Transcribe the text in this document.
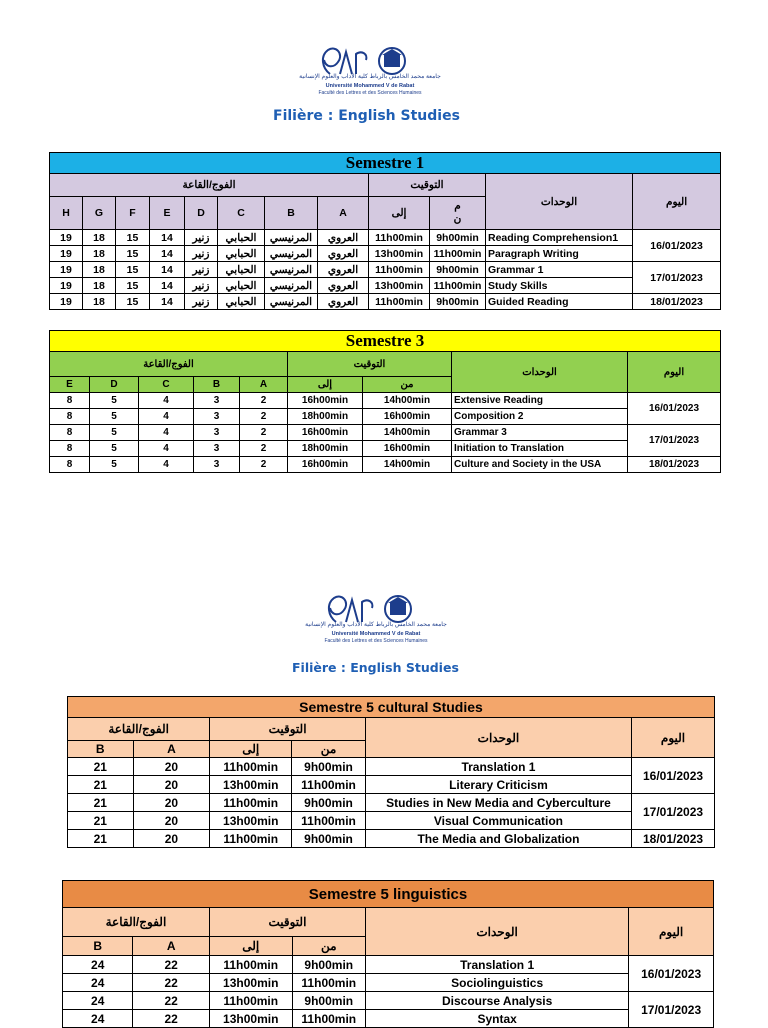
جامعة محمد الخامس بالرباط كلية الآداب والعلوم الإنسانية
Université Mohammed V de Rabat
Faculté des Lettres et des Sciences Humaines
Filière : English Studies
Semestre 1											
الفوج/القاعة								التوقيت		الوحدات	اليوم
H	G	F	E	D	C	B	A	إلى	م ن		
19	18	15	14	زنير	الحبابي	المرنيسي	العروي	11h00min	9h00min	Reading Comprehension1	16/01/2023
19	18	15	14	زنير	الحبابي	المرنيسي	العروي	13h00min	11h00min	Paragraph Writing	
19	18	15	14	زنير	الحبابي	المرنيسي	العروي	11h00min	9h00min	Grammar 1	17/01/2023
19	18	15	14	زنير	الحبابي	المرنيسي	العروي	13h00min	11h00min	Study Skills	
19	18	15	14	زنير	الحبابي	المرنيسي	العروي	11h00min	9h00min	Guided Reading	18/01/2023
Semestre 3								
الفوج/القاعة					التوقيت		الوحدات	اليوم
E	D	C	B	A	إلى	من		
8	5	4	3	2	16h00min	14h00min	Extensive Reading	16/01/2023
8	5	4	3	2	18h00min	16h00min	Composition 2	
8	5	4	3	2	16h00min	14h00min	Grammar 3	17/01/2023
8	5	4	3	2	18h00min	16h00min	Initiation to Translation	
8	5	4	3	2	16h00min	14h00min	Culture and Society in the USA	18/01/2023
جامعة محمد الخامس بالرباط كلية الآداب والعلوم الإنسانية
Université Mohammed V de Rabat
Faculté des Lettres et des Sciences Humaines
Filière : English Studies
Semestre 5 cultural Studies					
الفوج/القاعة		التوقيت		الوحدات	اليوم
B	A	إلى	من		
21	20	11h00min	9h00min	Translation 1	16/01/2023
21	20	13h00min	11h00min	Literary Criticism	
21	20	11h00min	9h00min	Studies in New Media and Cyberculture	17/01/2023
21	20	13h00min	11h00min	Visual Communication	
21	20	11h00min	9h00min	The Media and Globalization	18/01/2023
Semestre 5 linguistics					
الفوج/القاعة		التوقيت		الوحدات	اليوم
B	A	إلى	من		
24	22	11h00min	9h00min	Translation 1	16/01/2023
24	22	13h00min	11h00min	Sociolinguistics	
24	22	11h00min	9h00min	Discourse Analysis	17/01/2023
24	22	13h00min	11h00min	Syntax	
